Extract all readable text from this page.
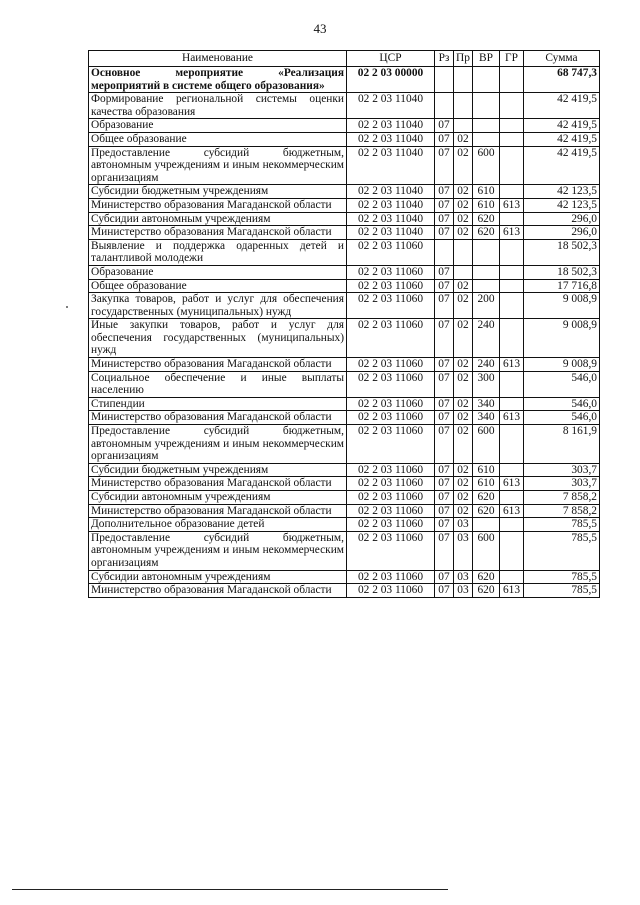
43
Наименование	ЦСР	Рз	Пр	ВР	ГР	Сумма
Основное мероприятие «Реализация мероприятий в системе общего образования»	02 2 03 00000					68 747,3
Формирование региональной системы оценки качества образования	02 2 03 11040					42 419,5
Образование	02 2 03 11040	07				42 419,5
Общее образование	02 2 03 11040	07	02			42 419,5
Предоставление субсидий бюджетным, автономным учреждениям и иным некоммерческим организациям	02 2 03 11040	07	02	600		42 419,5
Субсидии бюджетным учреждениям	02 2 03 11040	07	02	610		42 123,5
Министерство образования Магаданской области	02 2 03 11040	07	02	610	613	42 123,5
Субсидии автономным учреждениям	02 2 03 11040	07	02	620		296,0
Министерство образования Магаданской области	02 2 03 11040	07	02	620	613	296,0
Выявление и поддержка одаренных детей и талантливой молодежи	02 2 03 11060					18 502,3
Образование	02 2 03 11060	07				18 502,3
Общее образование	02 2 03 11060	07	02			17 716,8
Закупка товаров, работ и услуг для обеспечения государственных (муниципальных) нужд	02 2 03 11060	07	02	200		9 008,9
Иные закупки товаров, работ и услуг для обеспечения государственных (муниципальных) нужд	02 2 03 11060	07	02	240		9 008,9
Министерство образования Магаданской области	02 2 03 11060	07	02	240	613	9 008,9
Социальное обеспечение и иные выплаты населению	02 2 03 11060	07	02	300		546,0
Стипендии	02 2 03 11060	07	02	340		546,0
Министерство образования Магаданской области	02 2 03 11060	07	02	340	613	546,0
Предоставление субсидий бюджетным, автономным учреждениям и иным некоммерческим организациям	02 2 03 11060	07	02	600		8 161,9
Субсидии бюджетным учреждениям	02 2 03 11060	07	02	610		303,7
Министерство образования Магаданской области	02 2 03 11060	07	02	610	613	303,7
Субсидии автономным учреждениям	02 2 03 11060	07	02	620		7 858,2
Министерство образования Магаданской области	02 2 03 11060	07	02	620	613	7 858,2
Дополнительное образование детей	02 2 03 11060	07	03			785,5
Предоставление субсидий бюджетным, автономным учреждениям и иным некоммерческим организациям	02 2 03 11060	07	03	600		785,5
Субсидии автономным учреждениям	02 2 03 11060	07	03	620		785,5
Министерство образования Магаданской области	02 2 03 11060	07	03	620	613	785,5
